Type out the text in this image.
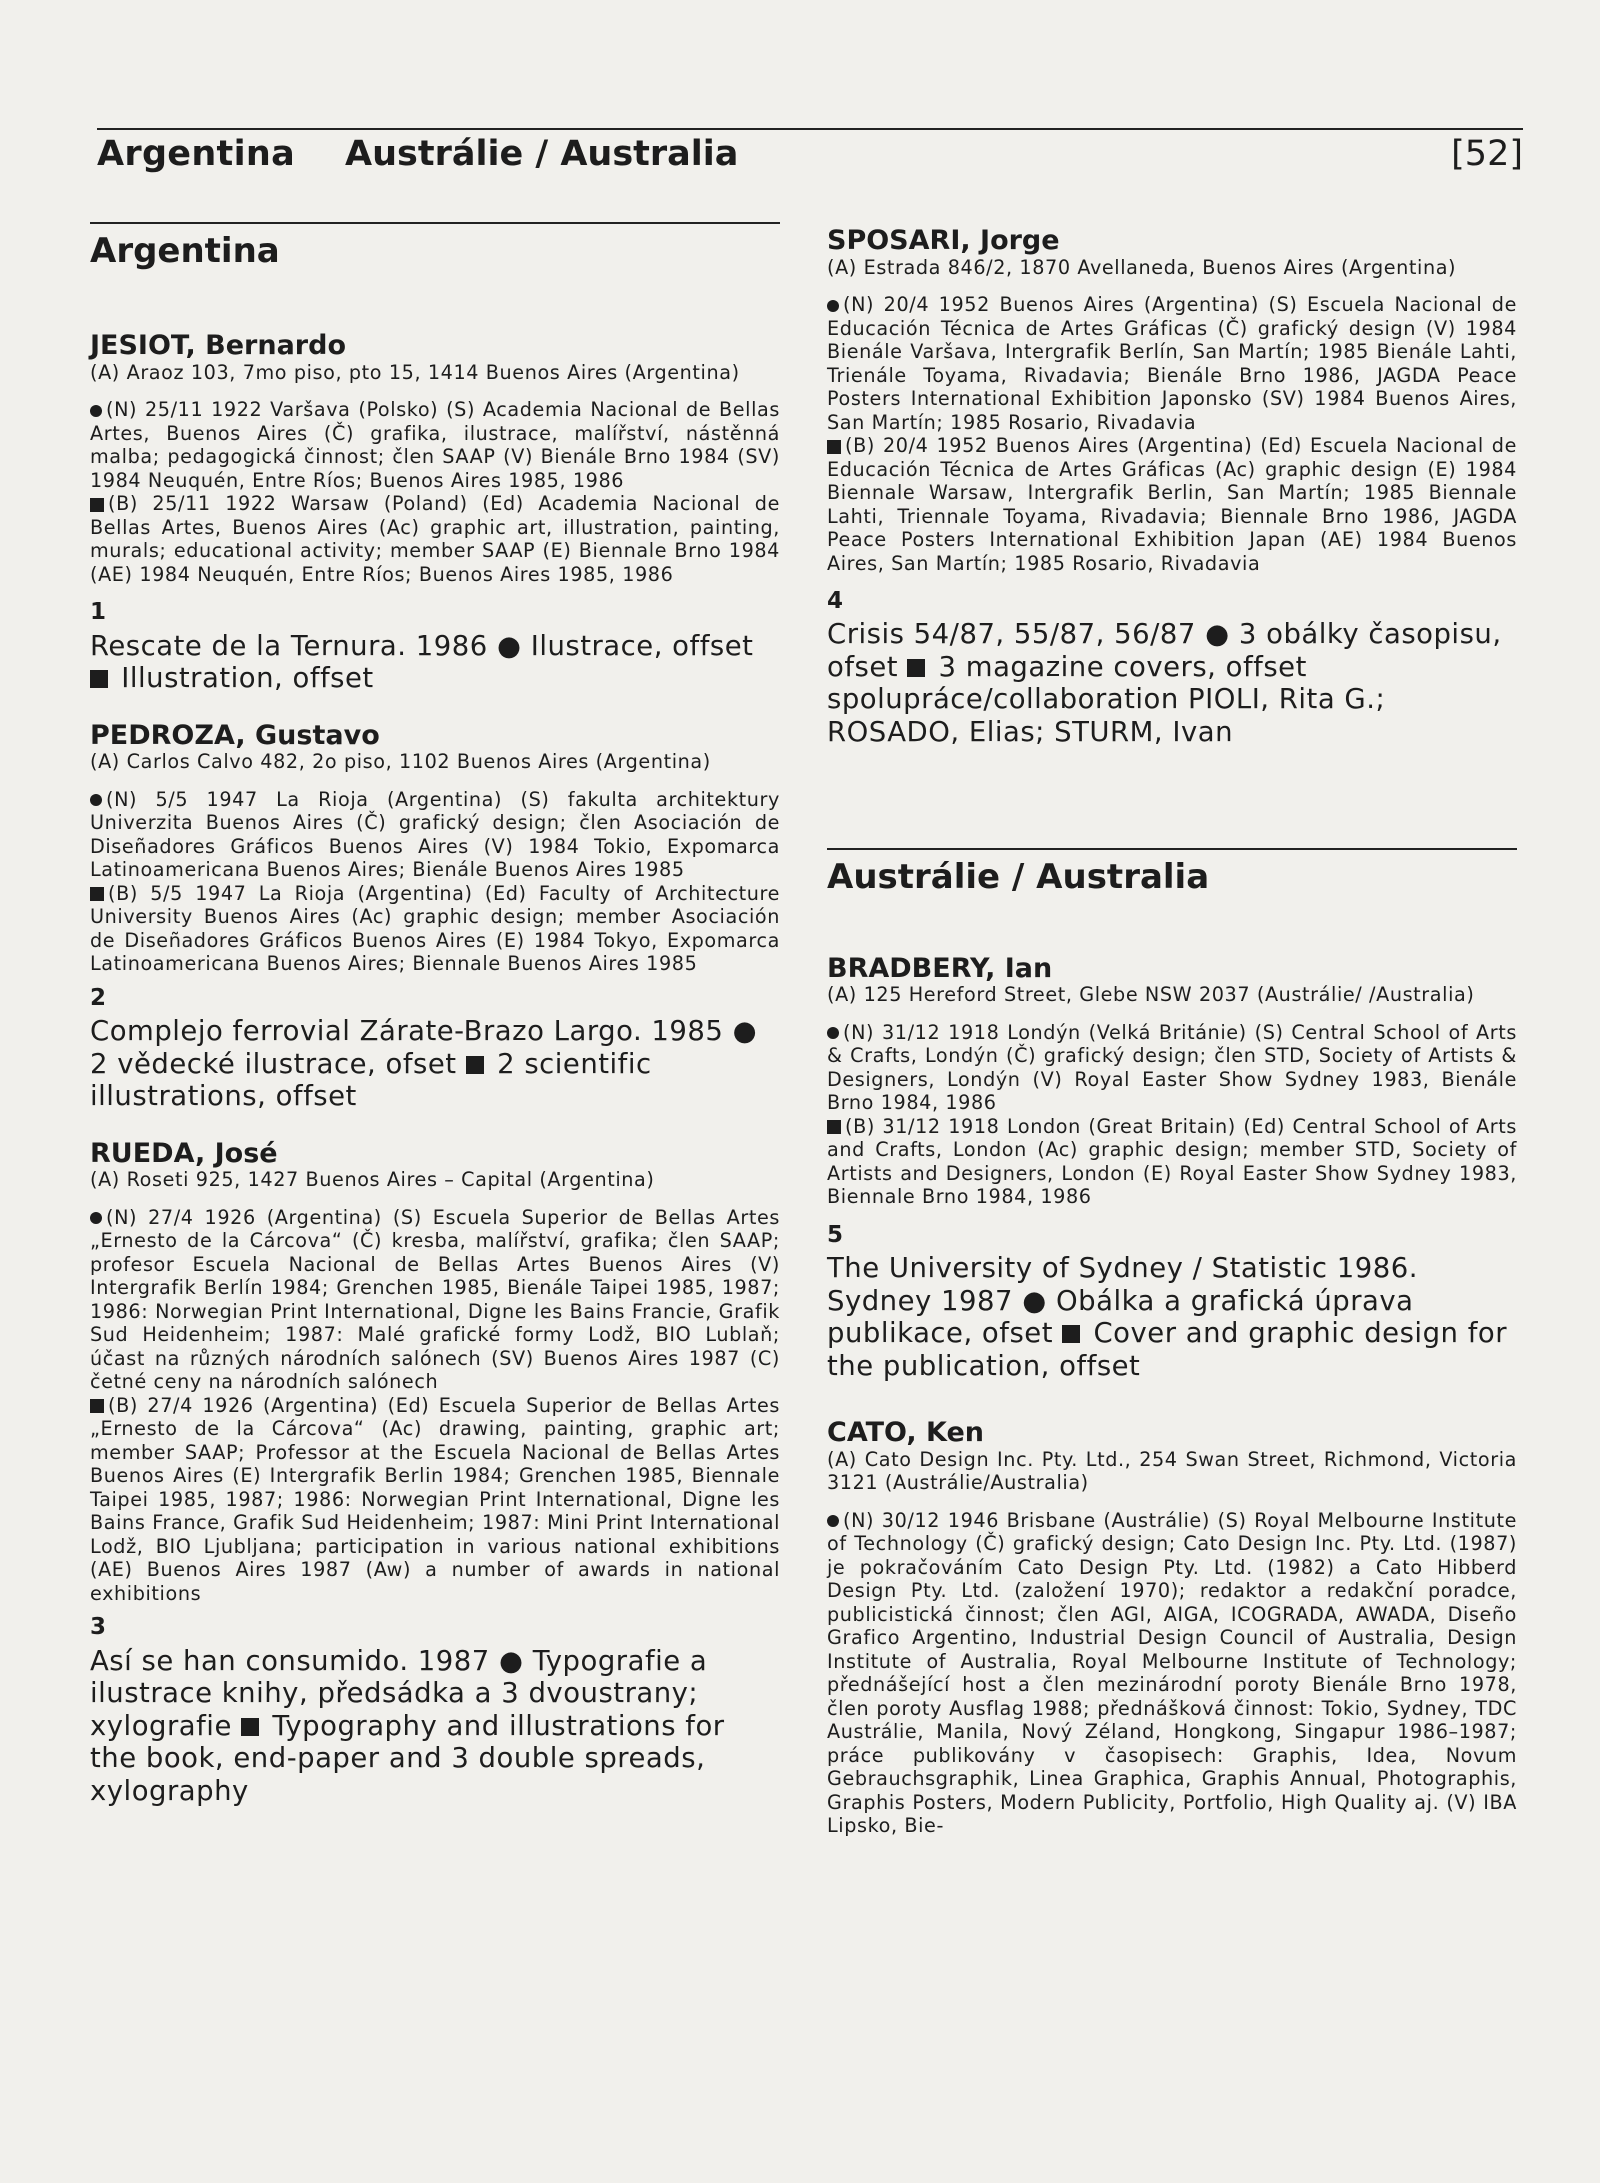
Argentina Austrálie / Australia	[52]
Argentina
JESIOT, Bernardo

(A) Araoz 103, 7mo piso, pto 15, 1414 Buenos Aires (Argentina)

(N) 25/11 1922 Varšava (Polsko) (S) Academia Nacional de Bellas Artes, Buenos Aires (Č) grafika, ilustrace, malířství, nástěnná malba; pedagogická činnost; člen SAAP (V) Bienále Brno 1984 (SV) 1984 Neuquén, Entre Ríos; Buenos Aires 1985, 1986

(B) 25/11 1922 Warsaw (Poland) (Ed) Academia Nacional de Bellas Artes, Buenos Aires (Ac) graphic art, illustration, painting, murals; educational activity; member SAAP (E) Biennale Brno 1984 (AE) 1984 Neuquén, Entre Ríos; Buenos Aires 1985, 1986

1

Rescate de la Ternura. 1986 ● Ilustrace, offset
Illustration, offset

PEDROZA, Gustavo

(A) Carlos Calvo 482, 2o piso, 1102 Buenos Aires (Argentina)

(N) 5/5 1947 La Rioja (Argentina) (S) fakulta architektury Univerzita Buenos Aires (Č) grafický design; člen Asociación de Diseñadores Gráficos Buenos Aires (V) 1984 Tokio, Expomarca Latinoamericana Buenos Aires; Bienále Buenos Aires 1985

(B) 5/5 1947 La Rioja (Argentina) (Ed) Faculty of Architecture University Buenos Aires (Ac) graphic design; member Asociación de Diseñadores Gráficos Buenos Aires (E) 1984 Tokyo, Expomarca Latinoamericana Buenos Aires; Biennale Buenos Aires 1985

2

Complejo ferrovial Zárate-Brazo Largo. 1985 ● 2 vědecké ilustrace, ofset 2 scientific illustrations, offset

RUEDA, José

(A) Roseti 925, 1427 Buenos Aires – Capital (Argentina)

(N) 27/4 1926 (Argentina) (S) Escuela Superior de Bellas Artes „Ernesto de la Cárcova“ (Č) kresba, malířství, grafika; člen SAAP; profesor Escuela Nacional de Bellas Artes Buenos Aires (V) Intergrafik Berlín 1984; Grenchen 1985, Bienále Taipei 1985, 1987; 1986: Norwegian Print International, Digne les Bains Francie, Grafik Sud Heidenheim; 1987: Malé grafické formy Lodž, BIO Lublaň; účast na různých národních salónech (SV) Buenos Aires 1987 (C) četné ceny na národních salónech

(B) 27/4 1926 (Argentina) (Ed) Escuela Superior de Bellas Artes „Ernesto de la Cárcova“ (Ac) drawing, painting, graphic art; member SAAP; Professor at the Escuela Nacional de Bellas Artes Buenos Aires (E) Intergrafik Berlin 1984; Grenchen 1985, Biennale Taipei 1985, 1987; 1986: Norwegian Print International, Digne les Bains France, Grafik Sud Heidenheim; 1987: Mini Print International Lodž, BIO Ljubljana; participation in various national exhibitions (AE) Buenos Aires 1987 (Aw) a number of awards in national exhibitions

3

Así se han consumido. 1987 ● Typografie a ilustrace knihy, předsádka a 3 dvoustrany; xylografie Typography and illustrations for the book, end-paper and 3 double spreads, xylography

SPOSARI, Jorge

(A) Estrada 846/2, 1870 Avellaneda, Buenos Aires (Argentina)

(N) 20/4 1952 Buenos Aires (Argentina) (S) Escuela Nacional de Educación Técnica de Artes Gráficas (Č) grafický design (V) 1984 Bienále Varšava, Intergrafik Berlín, San Martín; 1985 Bienále Lahti, Trienále Toyama, Rivadavia; Bienále Brno 1986, JAGDA Peace Posters International Exhibition Japonsko (SV) 1984 Buenos Aires, San Martín; 1985 Rosario, Rivadavia

(B) 20/4 1952 Buenos Aires (Argentina) (Ed) Escuela Nacional de Educación Técnica de Artes Gráficas (Ac) graphic design (E) 1984 Biennale Warsaw, Intergrafik Berlin, San Martín; 1985 Biennale Lahti, Triennale Toyama, Rivadavia; Biennale Brno 1986, JAGDA Peace Posters International Exhibition Japan (AE) 1984 Buenos Aires, San Martín; 1985 Rosario, Rivadavia

4

Crisis 54/87, 55/87, 56/87 ● 3 obálky časopisu, ofset 3 magazine covers, offset spolupráce/collaboration PIOLI, Rita G.; ROSADO, Elias; STURM, Ivan

Austrálie / Australia
BRADBERY, Ian

(A) 125 Hereford Street, Glebe NSW 2037 (Austrálie/ /Australia)

(N) 31/12 1918 Londýn (Velká Británie) (S) Central School of Arts & Crafts, Londýn (Č) grafický design; člen STD, Society of Artists & Designers, Londýn (V) Royal Easter Show Sydney 1983, Bienále Brno 1984, 1986

(B) 31/12 1918 London (Great Britain) (Ed) Central School of Arts and Crafts, London (Ac) graphic design; member STD, Society of Artists and Designers, London (E) Royal Easter Show Sydney 1983, Biennale Brno 1984, 1986

5

The University of Sydney / Statistic 1986. Sydney 1987 ● Obálka a grafická úprava publikace, ofset Cover and graphic design for the publication, offset

CATO, Ken

(A) Cato Design Inc. Pty. Ltd., 254 Swan Street, Richmond, Victoria 3121 (Austrálie/Australia)

(N) 30/12 1946 Brisbane (Austrálie) (S) Royal Melbourne Institute of Technology (Č) grafický design; Cato Design Inc. Pty. Ltd. (1987) je pokračováním Cato Design Pty. Ltd. (1982) a Cato Hibberd Design Pty. Ltd. (založení 1970); redaktor a redakční poradce, publicistická činnost; člen AGI, AIGA, ICOGRADA, AWADA, Diseño Grafico Argentino, Industrial Design Council of Australia, Design Institute of Australia, Royal Melbourne Institute of Technology; přednášející host a člen mezinárodní poroty Bienále Brno 1978, člen poroty Ausflag 1988; přednášková činnost: Tokio, Sydney, TDC Austrálie, Manila, Nový Zéland, Hongkong, Singapur 1986–1987; práce publikovány v časopisech: Graphis, Idea, Novum Gebrauchsgraphik, Linea Graphica, Graphis Annual, Photographis, Graphis Posters, Modern Publicity, Portfolio, High Quality aj. (V) IBA Lipsko, Bie-
